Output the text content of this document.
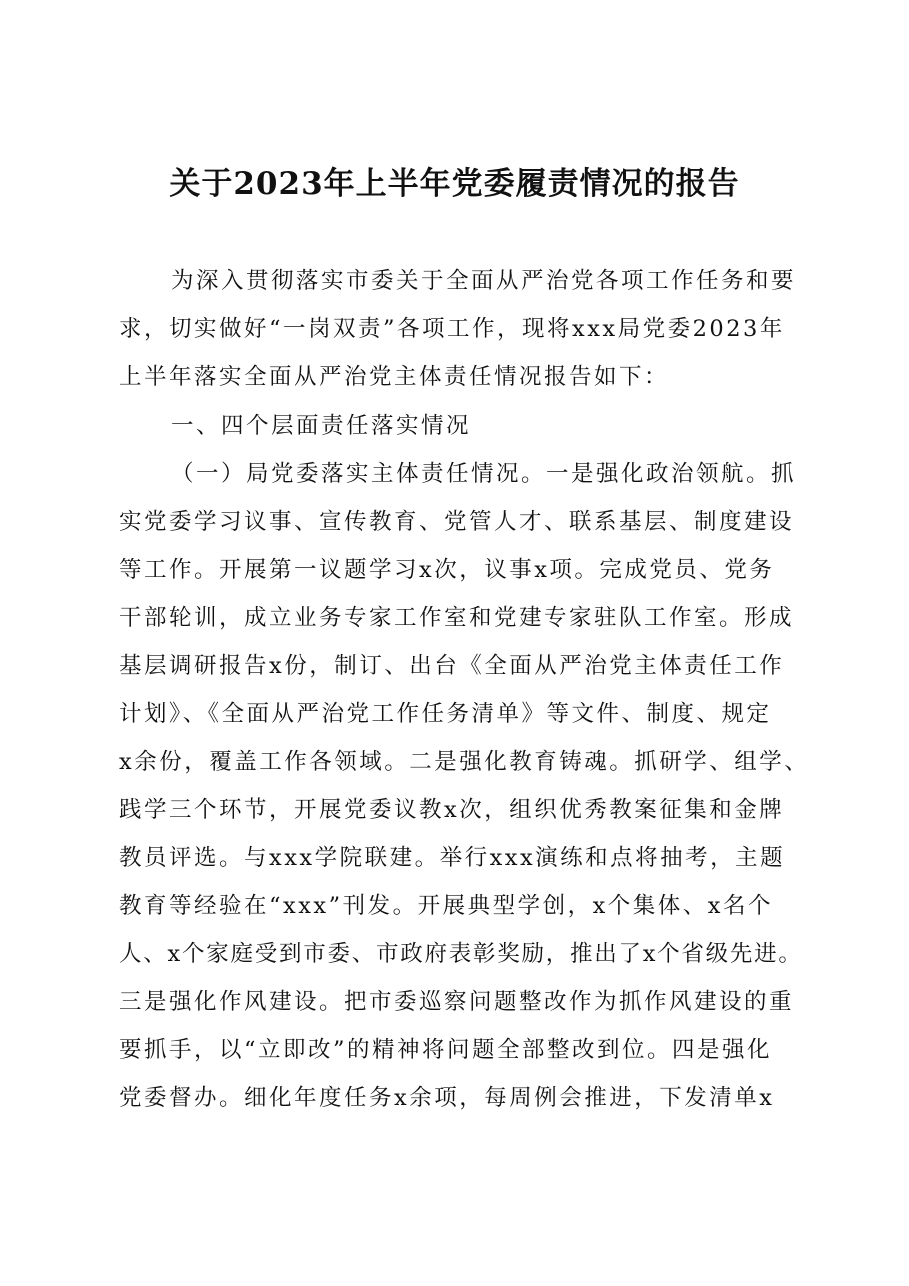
关于2023年上半年党委履责情况的报告
为深入贯彻落实市委关于全面从严治党各项工作任务和要
求，切实做好“一岗双责”各项工作，现将xxx局党委2023年
上半年落实全面从严治党主体责任情况报告如下：
一、四个层面责任落实情况
（一）局党委落实主体责任情况。一是强化政治领航。抓
实党委学习议事、宣传教育、党管人才、联系基层、制度建设
等工作。开展第一议题学习x次，议事x项。完成党员、党务
干部轮训，成立业务专家工作室和党建专家驻队工作室。形成
基层调研报告x份，制订、出台《全面从严治党主体责任工作
计划》、《全面从严治党工作任务清单》等文件、制度、规定
x余份，覆盖工作各领域。二是强化教育铸魂。抓研学、组学、
践学三个环节，开展党委议教x次，组织优秀教案征集和金牌
教员评选。与xxx学院联建。举行xxx演练和点将抽考，主题
教育等经验在“xxx”刊发。开展典型学创，x个集体、x名个
人、x个家庭受到市委、市政府表彰奖励，推出了x个省级先进。
三是强化作风建设。把市委巡察问题整改作为抓作风建设的重
要抓手，以“立即改”的精神将问题全部整改到位。四是强化
党委督办。细化年度任务x余项，每周例会推进，下发清单x
